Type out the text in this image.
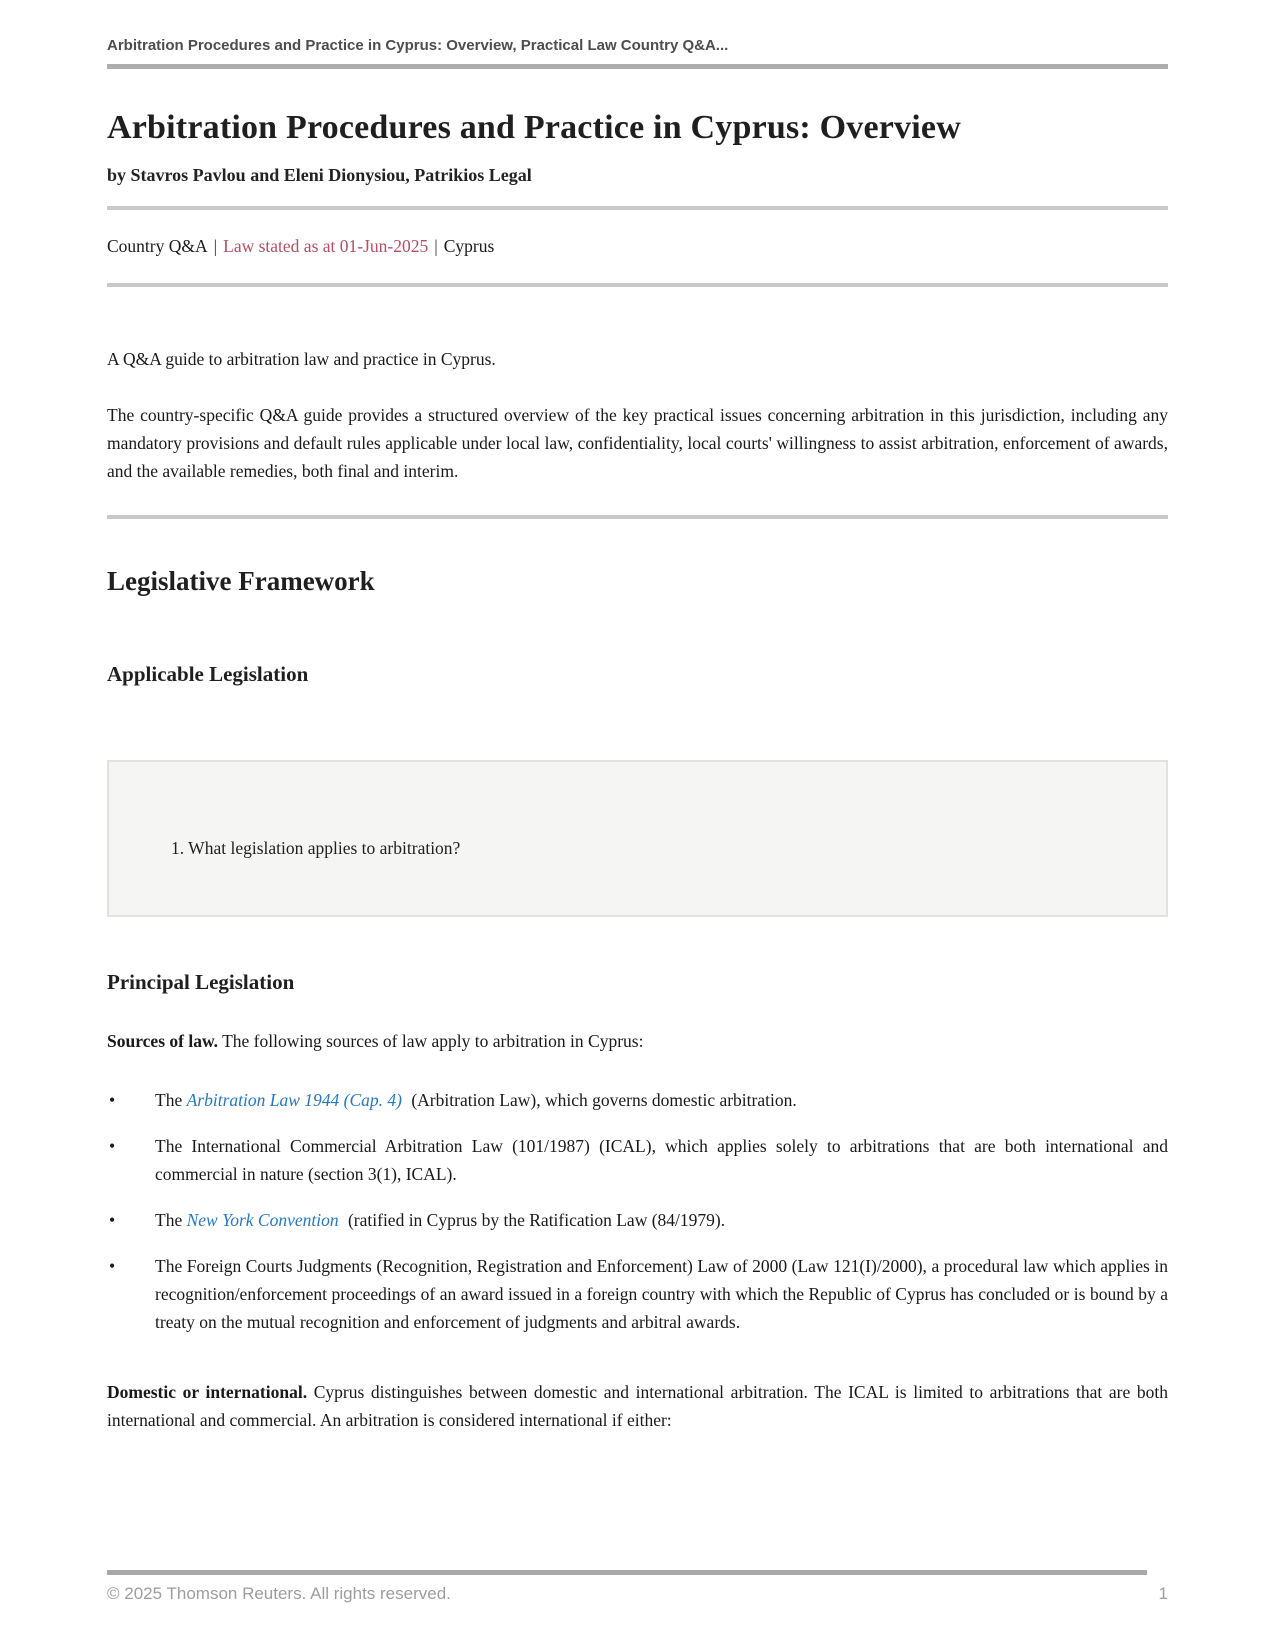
Arbitration Procedures and Practice in Cyprus: Overview, Practical Law Country Q&A...
Arbitration Procedures and Practice in Cyprus: Overview
by Stavros Pavlou and Eleni Dionysiou, Patrikios Legal
Country Q&A | Law stated as at 01-Jun-2025 | Cyprus

A Q&A guide to arbitration law and practice in Cyprus.

The country-specific Q&A guide provides a structured overview of the key practical issues concerning arbitration in this jurisdiction, including any mandatory provisions and default rules applicable under local law, confidentiality, local courts' willingness to assist arbitration, enforcement of awards, and the available remedies, both final and interim.

Legislative Framework
Applicable Legislation
1. What legislation applies to arbitration?
Principal Legislation

Sources of law. The following sources of law apply to arbitration in Cyprus:

• The Arbitration Law 1944 (Cap. 4) (Arbitration Law), which governs domestic arbitration.
• The International Commercial Arbitration Law (101/1987) (ICAL), which applies solely to arbitrations that are both international and commercial in nature (section 3(1), ICAL).
• The New York Convention (ratified in Cyprus by the Ratification Law (84/1979).
• The Foreign Courts Judgments (Recognition, Registration and Enforcement) Law of 2000 (Law 121(I)/2000), a procedural law which applies in recognition/enforcement proceedings of an award issued in a foreign country with which the Republic of Cyprus has concluded or is bound by a treaty on the mutual recognition and enforcement of judgments and arbitral awards.

Domestic or international. Cyprus distinguishes between domestic and international arbitration. The ICAL is limited to arbitrations that are both international and commercial. An arbitration is considered international if either:

© 2025 Thomson Reuters. All rights reserved.	1
